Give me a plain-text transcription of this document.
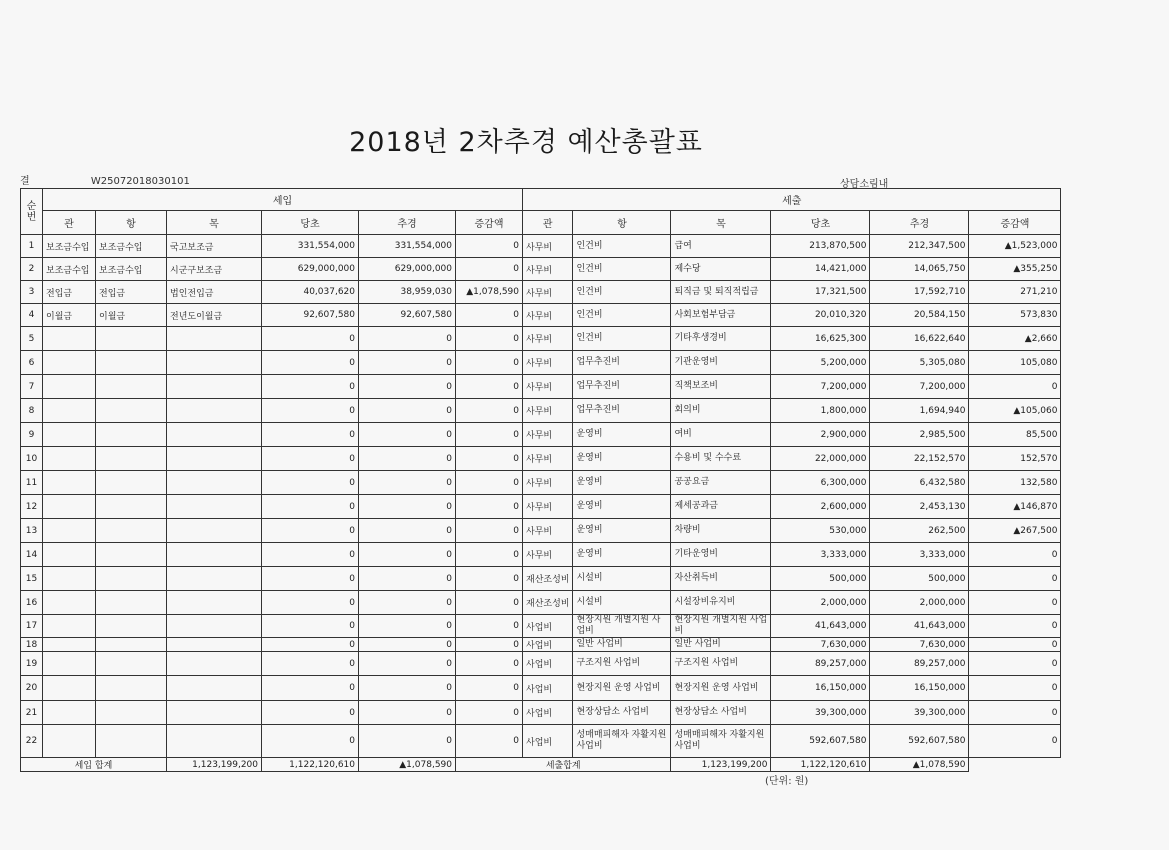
2018년 2차추경 예산총괄표
결	W25072018030101	상담소림내
순 번	세입						세출					
	관	항	목	당초	추경	증감액	관	항	목	당초	추경	증감액
1	보조금수입	보조금수입	국고보조금	331,554,000	331,554,000	0	사무비	인건비	급여	213,870,500	212,347,500	▲1,523,000
2	보조금수입	보조금수입	시군구보조금	629,000,000	629,000,000	0	사무비	인건비	제수당	14,421,000	14,065,750	▲355,250
3	전입금	전입금	법인전입금	40,037,620	38,959,030	▲1,078,590	사무비	인건비	퇴직금 및 퇴직적립금	17,321,500	17,592,710	271,210
4	이월금	이월금	전년도이월금	92,607,580	92,607,580	0	사무비	인건비	사회보험부담금	20,010,320	20,584,150	573,830
5				0	0	0	사무비	인건비	기타후생경비	16,625,300	16,622,640	▲2,660
6				0	0	0	사무비	업무추진비	기관운영비	5,200,000	5,305,080	105,080
7				0	0	0	사무비	업무추진비	직책보조비	7,200,000	7,200,000	0
8				0	0	0	사무비	업무추진비	회의비	1,800,000	1,694,940	▲105,060
9				0	0	0	사무비	운영비	여비	2,900,000	2,985,500	85,500
10				0	0	0	사무비	운영비	수용비 및 수수료	22,000,000	22,152,570	152,570
11				0	0	0	사무비	운영비	공공요금	6,300,000	6,432,580	132,580
12				0	0	0	사무비	운영비	제세공과금	2,600,000	2,453,130	▲146,870
13				0	0	0	사무비	운영비	차량비	530,000	262,500	▲267,500
14				0	0	0	사무비	운영비	기타운영비	3,333,000	3,333,000	0
15				0	0	0	재산조성비	시설비	자산취득비	500,000	500,000	0
16				0	0	0	재산조성비	시설비	시설장비유지비	2,000,000	2,000,000	0
17				0	0	0	사업비	현장지원 개별지원 사업비	현장지원 개별지원 사업비	41,643,000	41,643,000	0
18				0	0	0	사업비	일반 사업비	일반 사업비	7,630,000	7,630,000	0
19				0	0	0	사업비	구조지원 사업비	구조지원 사업비	89,257,000	89,257,000	0
20				0	0	0	사업비	현장지원 운영 사업비	현장지원 운영 사업비	16,150,000	16,150,000	0
21				0	0	0	사업비	현장상담소 사업비	현장상담소 사업비	39,300,000	39,300,000	0
22				0	0	0	사업비	성매매피해자 자활지원 사업비	성매매피해자 자활지원 사업비	592,607,580	592,607,580	0
세입 합계			1,123,199,200	1,122,120,610	▲1,078,590	세출합계			1,123,199,200	1,122,120,610	▲1,078,590	
(단위: 원)
